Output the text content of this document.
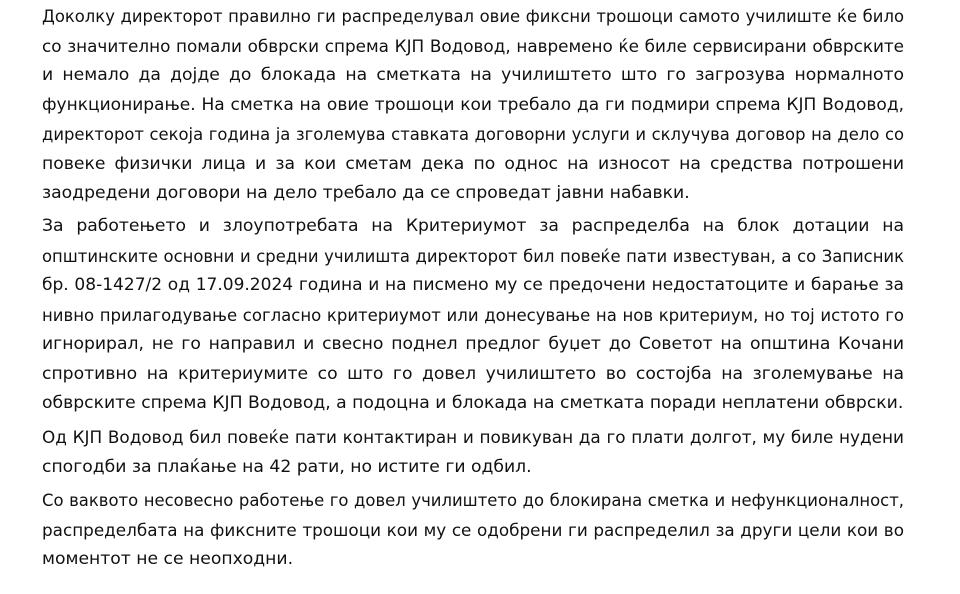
Доколку директорот правилно ги распределувал овие фиксни трошоци самото училиште ќе било
со значително помали обврски спрема КЈП Водовод, навремено ќе биле сервисирани обврските
и немало да дојде до блокада на сметката на училиштето што го загрозува нормалното
функционирање. На сметка на овие трошоци кои требало да ги подмири спрема КЈП Водовод,
директорот секоја година ја зголемува ставката договорни услуги и склучува договор на дело со
повеке физички лица и за кои сметам дека по однос на износот на средства потрошени
заодредени договори на дело требало да се спроведат јавни набавки.
За работењето и злоупотребата на Критериумот за распределба на блок дотации на
општинските основни и средни училишта директорот бил повеќе пати известуван, а со Записник
бр. 08-1427/2 од 17.09.2024 година и на писмено му се предочени недостатоците и барање за
нивно прилагодување согласно критериумот или донесување на нов критериум, но тој истото го
игнорирал, не го направил и свесно поднел предлог буџет до Советот на општина Кочани
спротивно на критериумите со што го довел училиштето во состојба на зголемување на
обврските спрема КЈП Водовод, а подоцна и блокада на сметката поради неплатени обврски.
Од КЈП Водовод бил повеќе пати контактиран и повикуван да го плати долгот, му биле нудени
спогодби за плаќање на 42 рати, но истите ги одбил.
Со ваквото несовесно работење го довел училиштето до блокирана сметка и нефункционалност,
распределбата на фиксните трошоци кои му се одобрени ги распределил за други цели кои во
моментот не се неопходни.
